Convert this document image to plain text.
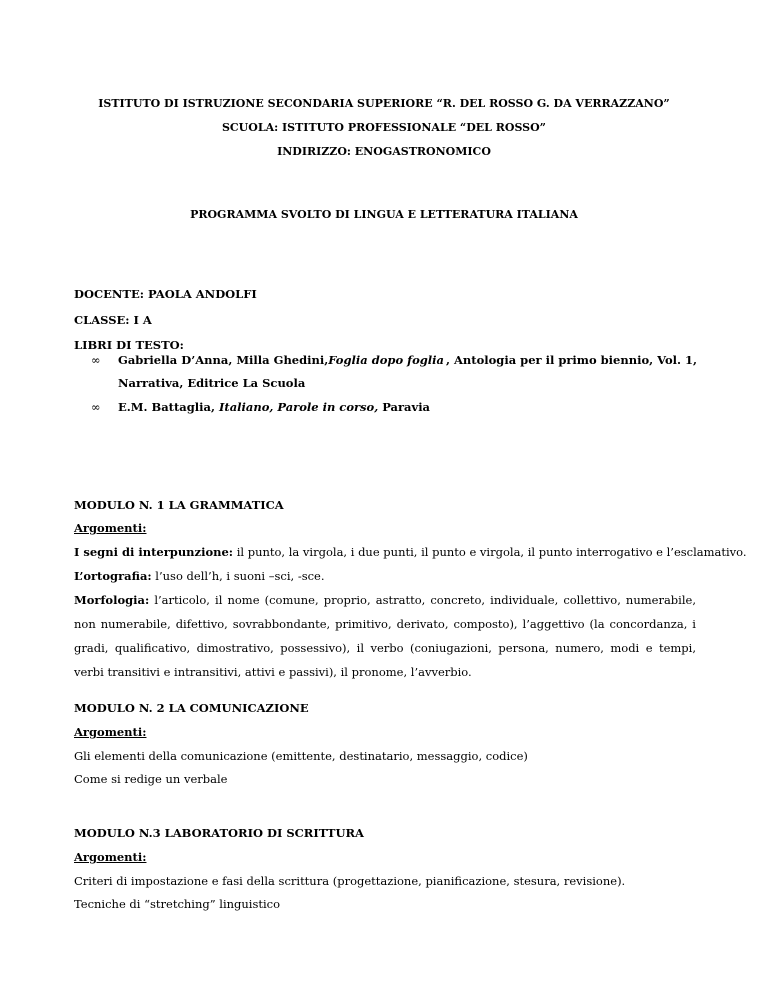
ISTITUTO DI ISTRUZIONE SECONDARIA SUPERIORE “R. DEL ROSSO G. DA VERRAZZANO”
SCUOLA: ISTITUTO PROFESSIONALE “DEL ROSSO”
INDIRIZZO: ENOGASTRONOMICO
PROGRAMMA SVOLTO DI LINGUA E LETTERATURA ITALIANA
DOCENTE: PAOLA ANDOLFI
CLASSE: I A
LIBRI DI TESTO:
∞ Gabriella D’Anna, Milla Ghedini, Foglia dopo foglia , Antologia per il primo biennio, Vol. 1,
Narrativa, Editrice La Scuola
∞ E.M. Battaglia, Italiano, Parole in corso, Paravia
MODULO N. 1 LA GRAMMATICA
Argomenti:
I segni di interpunzione: il punto, la virgola, i due punti, il punto e virgola, il punto interrogativo e l’esclamativo.
L’ortografia: l’uso dell’h, i suoni –sci, -sce.
Morfologia: l’articolo, il nome (comune, proprio, astratto, concreto, individuale, collettivo, numerabile, non numerabile, difettivo, sovrabbondante, primitivo, derivato, composto), l’aggettivo (la concordanza, i gradi, qualificativo, dimostrativo, possessivo), il verbo (coniugazioni, persona, numero, modi e tempi, verbi transitivi e intransitivi, attivi e passivi), il pronome, l’avverbio.
MODULO N. 2 LA COMUNICAZIONE
Argomenti:
Gli elementi della comunicazione (emittente, destinatario, messaggio, codice)
Come si redige un verbale
MODULO N.3 LABORATORIO DI SCRITTURA
Argomenti:
Criteri di impostazione e fasi della scrittura (progettazione, pianificazione, stesura, revisione).
Tecniche di “stretching” linguistico
